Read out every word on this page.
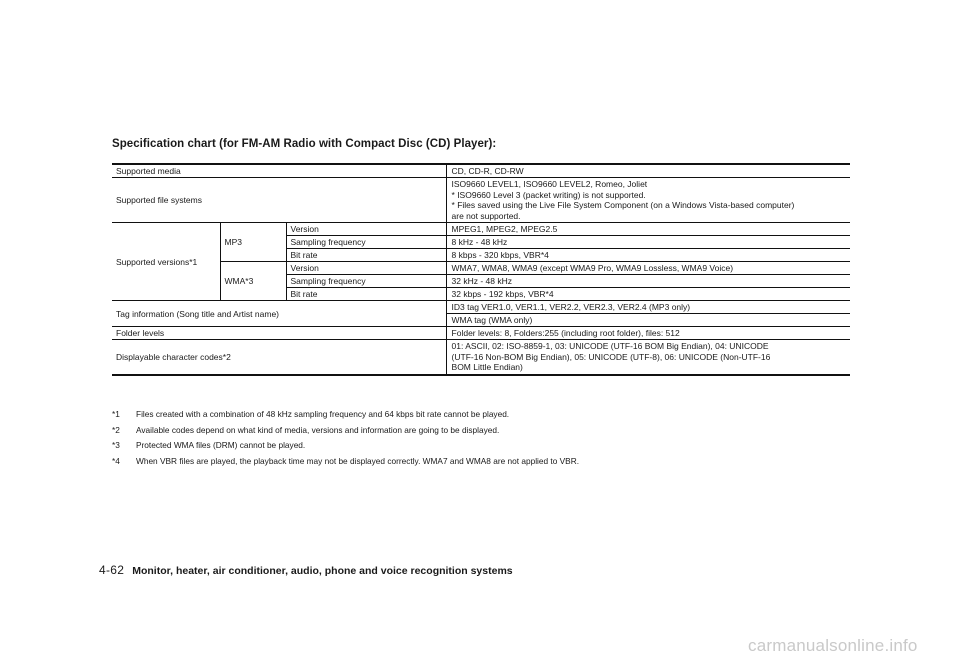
Specification chart (for FM-AM Radio with Compact Disc (CD) Player):
Supported media			CD, CD-R, CD-RW
Supported file systems			ISO9660 LEVEL1, ISO9660 LEVEL2, Romeo, Joliet
* ISO9660 Level 3 (packet writing) is not supported.
* Files saved using the Live File System Component (on a Windows Vista-based computer)
are not supported.

Supported versions*1	MP3	Version	MPEG1, MPEG2, MPEG2.5
		Sampling frequency	8 kHz - 48 kHz
		Bit rate	8 kbps - 320 kbps, VBR*4
	WMA*3	Version	WMA7, WMA8, WMA9 (except WMA9 Pro, WMA9 Lossless, WMA9 Voice)
		Sampling frequency	32 kHz - 48 kHz
		Bit rate	32 kbps - 192 kbps, VBR*4
Tag information (Song title and Artist name)			ID3 tag VER1.0, VER1.1, VER2.2, VER2.3, VER2.4 (MP3 only)
			WMA tag (WMA only)
Folder levels			Folder levels: 8, Folders:255 (including root folder), files: 512
Displayable character codes*2			01: ASCII, 02: ISO-8859-1, 03: UNICODE (UTF-16 BOM Big Endian), 04: UNICODE
(UTF-16 Non-BOM Big Endian), 05: UNICODE (UTF-8), 06: UNICODE (Non-UTF-16
BOM Little Endian)
*1	Files created with a combination of 48 kHz sampling frequency and 64 kbps bit rate cannot be played.
*2	Available codes depend on what kind of media, versions and information are going to be displayed.
*3	Protected WMA files (DRM) cannot be played.
*4	When VBR files are played, the playback time may not be displayed correctly. WMA7 and WMA8 are not applied to VBR.
4-62 Monitor, heater, air conditioner, audio, phone and voice recognition systems
carmanualsonline.info
